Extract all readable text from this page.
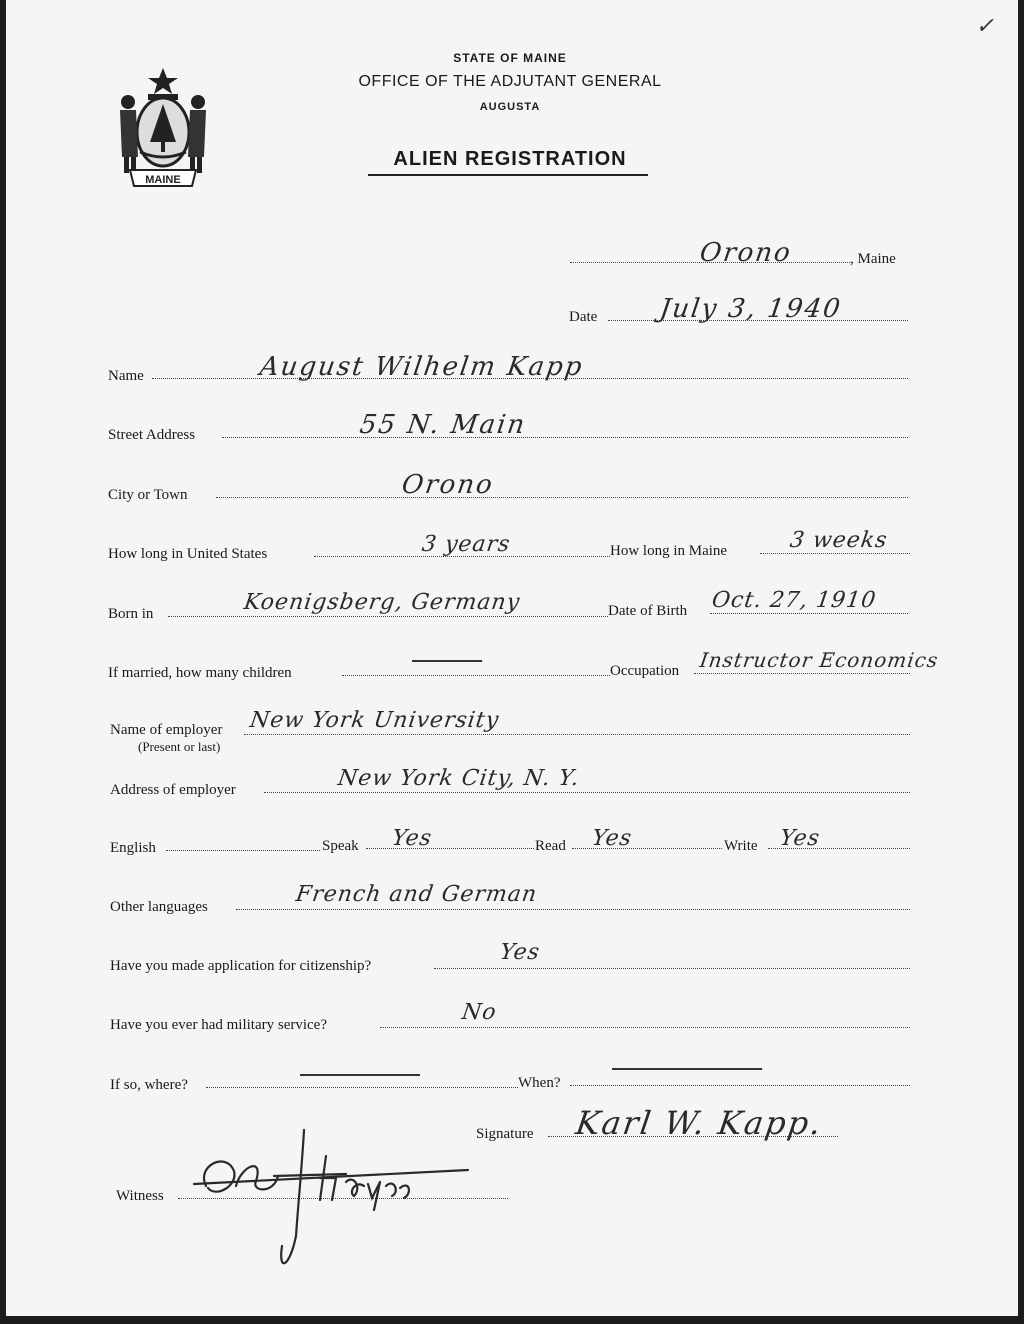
✓
MAINE
STATE OF MAINE
OFFICE OF THE ADJUTANT GENERAL
AUGUSTA
ALIEN REGISTRATION
Orono	, Maine
Date July 3, 1940
Name	August Wilhelm Kapp
Street Address	55 N. Main
City or Town	Orono
How long in United States	3 years	How long in Maine	3 weeks
Born in	Koenigsberg, Germany	Date of Birth Oct. 27, 1910
If married, how many children	Occupation Instructor Economics
Name of employer
(Present or last)
New York University
Address of employer	New York City, N. Y.
English	Speak Yes	Read Yes	Write Yes
Other languages	French and German
Have you made application for citizenship?
Yes
Have you ever had military service?	No
If so, where?	When?
Signature Karl W. Kapp.
Witness
